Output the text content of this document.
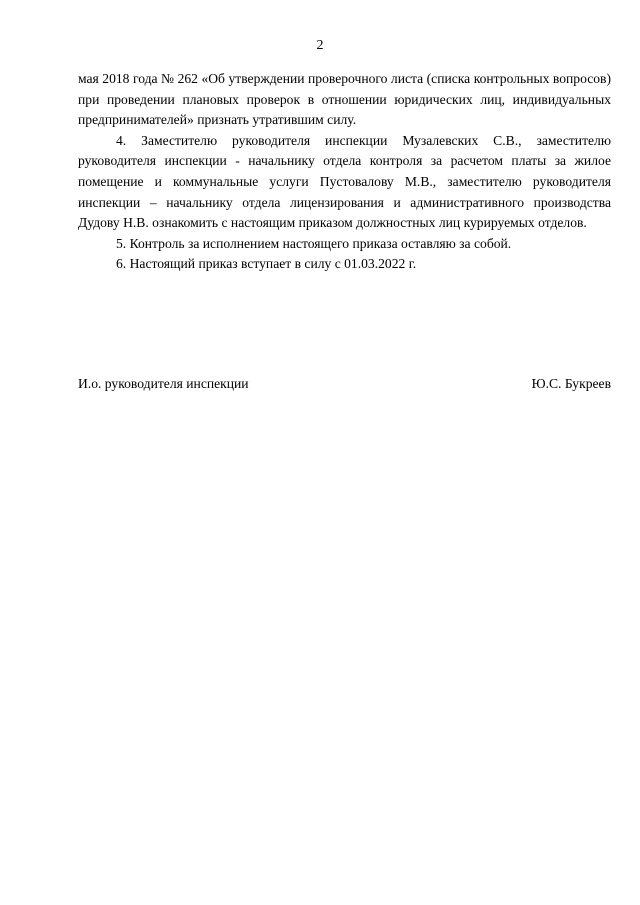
2

мая 2018 года № 262 «Об утверждении проверочного листа (списка контрольных вопросов) при проведении плановых проверок в отношении юридических лиц, индивидуальных предпринимателей» признать утратившим силу.

4. Заместителю руководителя инспекции Музалевских С.В., заместителю руководителя инспекции - начальнику отдела контроля за расчетом платы за жилое помещение и коммунальные услуги Пустовалову М.В., заместителю руководителя инспекции – начальнику отдела лицензирования и административного производства Дудову Н.В. ознакомить с настоящим приказом должностных лиц курируемых отделов.

5. Контроль за исполнением настоящего приказа оставляю за собой.

6. Настоящий приказ вступает в силу с 01.03.2022 г.

И.о. руководителя инспекции	Ю.С. Букреев
